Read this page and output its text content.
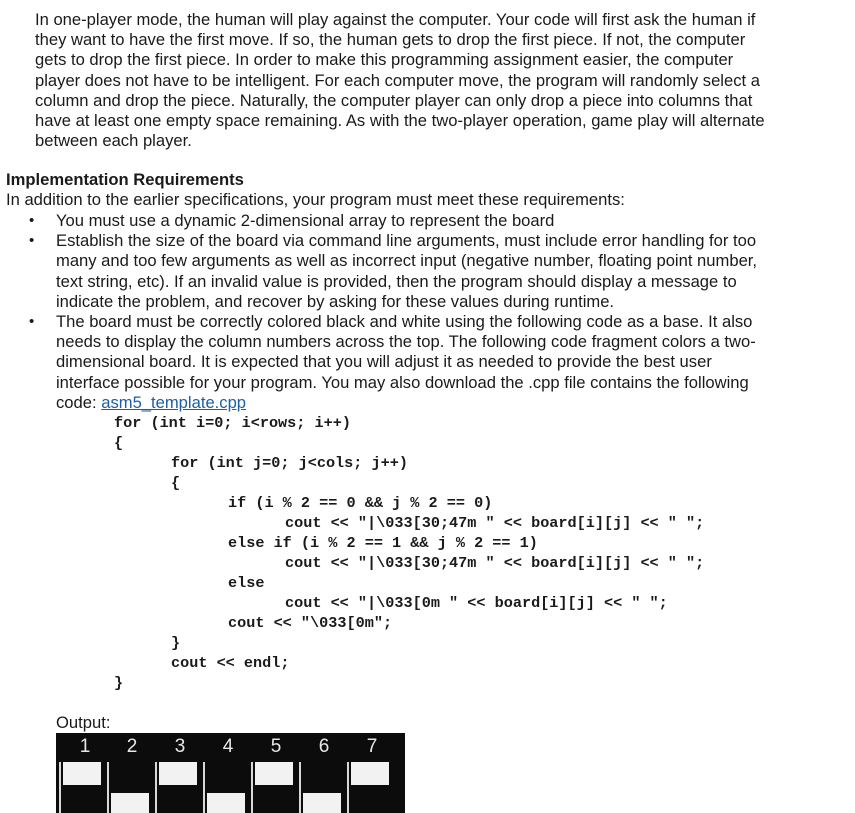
In one-player mode, the human will play against the computer. Your code will first ask the human if
they want to have the first move. If so, the human gets to drop the first piece. If not, the computer
gets to drop the first piece. In order to make this programming assignment easier, the computer
player does not have to be intelligent. For each computer move, the program will randomly select a
column and drop the piece. Naturally, the computer player can only drop a piece into columns that
have at least one empty space remaining. As with the two-player operation, game play will alternate
between each player.
Implementation Requirements
In addition to the earlier specifications, your program must meet these requirements:
• You must use a dynamic 2-dimensional array to represent the board
• Establish the size of the board via command line arguments, must include error handling for too
many and too few arguments as well as incorrect input (negative number, floating point number,
text string, etc). If an invalid value is provided, then the program should display a message to
indicate the problem, and recover by asking for these values during runtime.
• The board must be correctly colored black and white using the following code as a base. It also
needs to display the column numbers across the top. The following code fragment colors a two-
dimensional board. It is expected that you will adjust it as needed to provide the best user
interface possible for your program. You may also download the .cpp file contains the following
code: asm5_template.cpp

for (int i=0; i<rows; i++)

{

for (int j=0; j<cols; j++)

{

if (i % 2 == 0 && j % 2 == 0)

cout << "|\033[30;47m " << board[i][j] << " ";

else if (i % 2 == 1 && j % 2 == 1)

cout << "|\033[30;47m " << board[i][j] << " ";

else

cout << "|\033[0m " << board[i][j] << " ";

cout << "\033[0m";

}

cout << endl;

}

Output:
1 2 3 4 5 6 7
